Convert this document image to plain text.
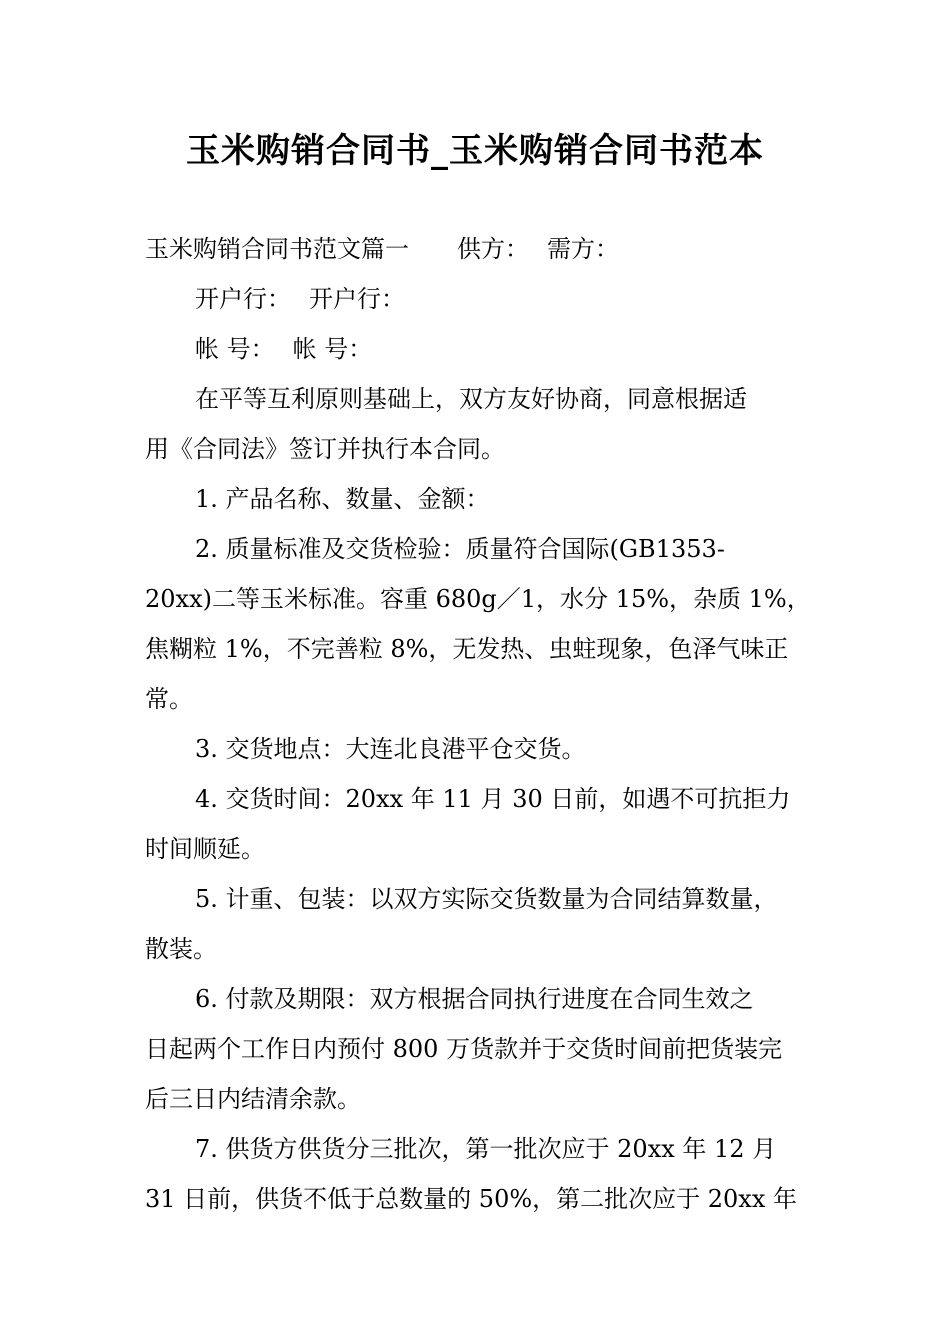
玉米购销合同书_玉米购销合同书范本
玉米购销合同书范文篇一 供方： 需方：
开户行： 开户行：
帐 号： 帐 号：
在平等互利原则基础上，双方友好协商，同意根据适
用《合同法》签订并执行本合同。
1. 产品名称、数量、金额：
2. 质量标准及交货检验：质量符合国际(GB1353-
20xx)二等玉米标准。容重 680g／1，水分 15%，杂质 1%，
焦糊粒 1%，不完善粒 8%，无发热、虫蛀现象，色泽气味正
常。
3. 交货地点：大连北良港平仓交货。
4. 交货时间：20xx 年 11 月 30 日前，如遇不可抗拒力
时间顺延。
5. 计重、包装：以双方实际交货数量为合同结算数量，
散装。
6. 付款及期限：双方根据合同执行进度在合同生效之
日起两个工作日内预付 800 万货款并于交货时间前把货装完
后三日内结清余款。
7. 供货方供货分三批次，第一批次应于 20xx 年 12 月
31 日前，供货不低于总数量的 50%，第二批次应于 20xx 年
